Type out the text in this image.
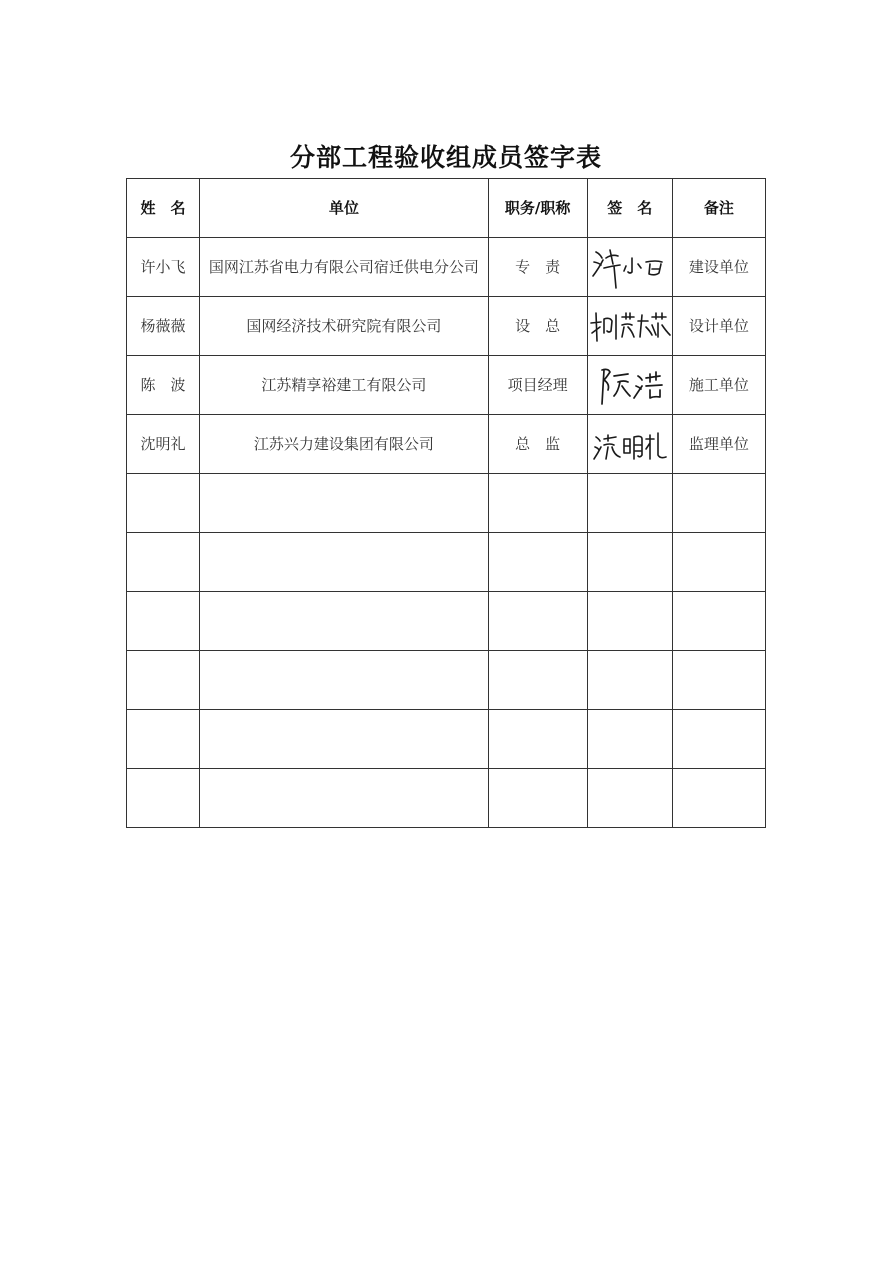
分部工程验收组成员签字表
姓　名	单位	职务/职称	签　名	备注
许小飞	国网江苏省电力有限公司宿迁供电分公司	专　责	许小飞	建设单位
杨薇薇	国网经济技术研究院有限公司	设　总	杨薇薇	设计单位
陈　波	江苏精享裕建工有限公司	项目经理	陈波	施工单位
沈明礼	江苏兴力建设集团有限公司	总　监	沈明礼	监理单位
